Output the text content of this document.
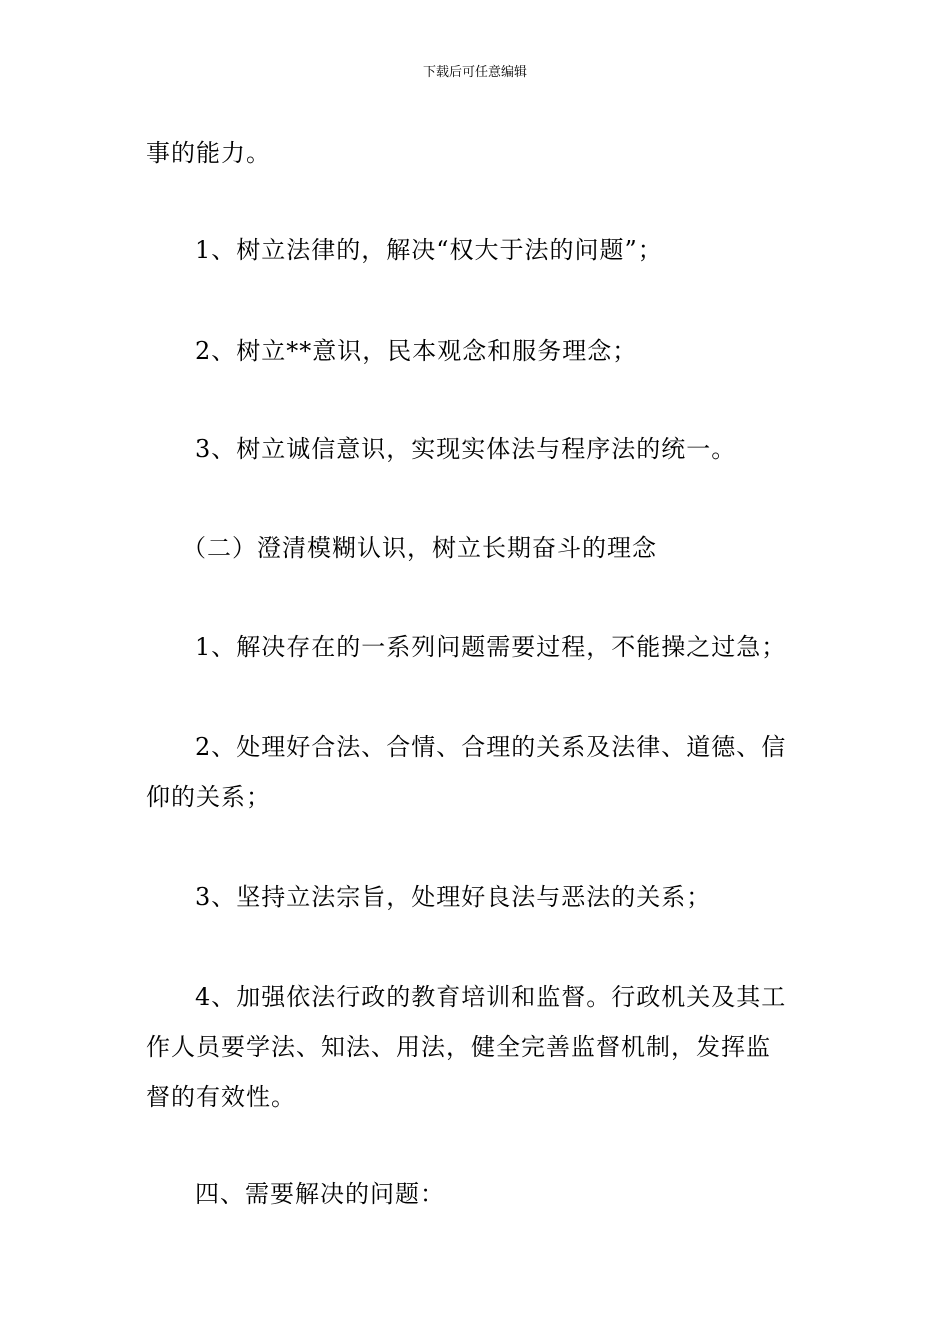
下载后可任意编辑
事的能力。
1、树立法律的，解决“权大于法的问题”；
2、树立**意识，民本观念和服务理念；
3、树立诚信意识，实现实体法与程序法的统一。
（二）澄清模糊认识，树立长期奋斗的理念
1、解决存在的一系列问题需要过程，不能操之过急；
2、处理好合法、合情、合理的关系及法律、道德、信
仰的关系；
3、坚持立法宗旨，处理好良法与恶法的关系；
4、加强依法行政的教育培训和监督。行政机关及其工
作人员要学法、知法、用法，健全完善监督机制，发挥监
督的有效性。
四、需要解决的问题：
